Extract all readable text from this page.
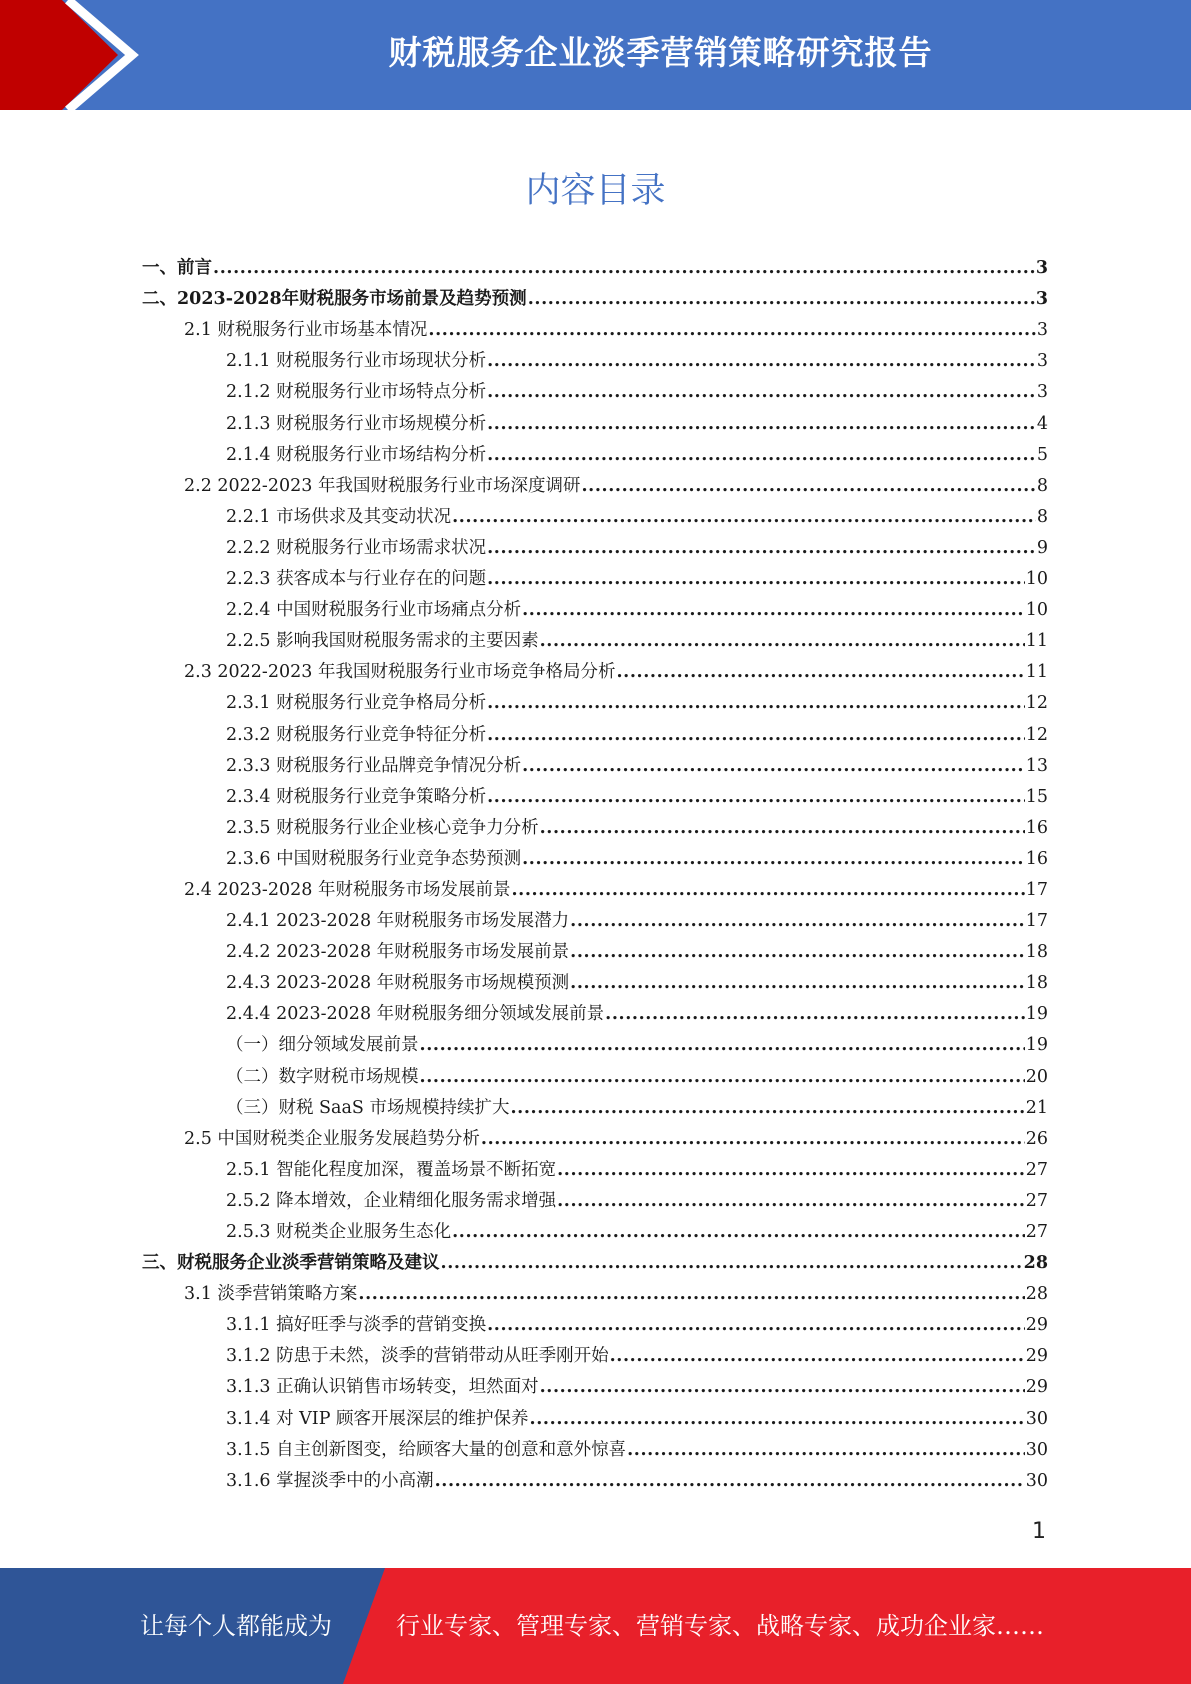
财税服务企业淡季营销策略研究报告
内容目录
一、前言 .....	3
二、2023-2028年财税服务市场前景及趋势预测 .....	3
2.1 财税服务行业市场基本情况 .....	3
2.1.1 财税服务行业市场现状分析 .....	3
2.1.2 财税服务行业市场特点分析 .....	3
2.1.3 财税服务行业市场规模分析 .....	4
2.1.4 财税服务行业市场结构分析 .....	5
2.2 2022-2023 年我国财税服务行业市场深度调研 .....	8
2.2.1 市场供求及其变动状况 .....	8
2.2.2 财税服务行业市场需求状况 .....	9
2.2.3 获客成本与行业存在的问题 .....	10
2.2.4 中国财税服务行业市场痛点分析 .....	10
2.2.5 影响我国财税服务需求的主要因素 .....	11
2.3 2022-2023 年我国财税服务行业市场竞争格局分析 .....	11
2.3.1 财税服务行业竞争格局分析 .....	12
2.3.2 财税服务行业竞争特征分析 .....	12
2.3.3 财税服务行业品牌竞争情况分析 .....	13
2.3.4 财税服务行业竞争策略分析 .....	15
2.3.5 财税服务行业企业核心竞争力分析 .....	16
2.3.6 中国财税服务行业竞争态势预测 .....	16
2.4 2023-2028 年财税服务市场发展前景 .....	17
2.4.1 2023-2028 年财税服务市场发展潜力 .....	17
2.4.2 2023-2028 年财税服务市场发展前景 .....	18
2.4.3 2023-2028 年财税服务市场规模预测 .....	18
2.4.4 2023-2028 年财税服务细分领域发展前景 .....	19
（一）细分领域发展前景 .....	19
（二）数字财税市场规模 .....	20
（三）财税 SaaS 市场规模持续扩大 .....	21
2.5 中国财税类企业服务发展趋势分析 .....	26
2.5.1 智能化程度加深，覆盖场景不断拓宽 .....	27
2.5.2 降本增效，企业精细化服务需求增强 .....	27
2.5.3 财税类企业服务生态化 .....	27
三、财税服务企业淡季营销策略及建议 .....	28
3.1 淡季营销策略方案 .....	28
3.1.1 搞好旺季与淡季的营销变换 .....	29
3.1.2 防患于未然，淡季的营销带动从旺季刚开始 .....	29
3.1.3 正确认识销售市场转变，坦然面对 .....	29
3.1.4 对 VIP 顾客开展深层的维护保养 .....	30
3.1.5 自主创新图变，给顾客大量的创意和意外惊喜 .....	30
3.1.6 掌握淡季中的小高潮 .....	30
1
让每个人都能成为	行业专家、管理专家、营销专家、战略专家、成功企业家……
